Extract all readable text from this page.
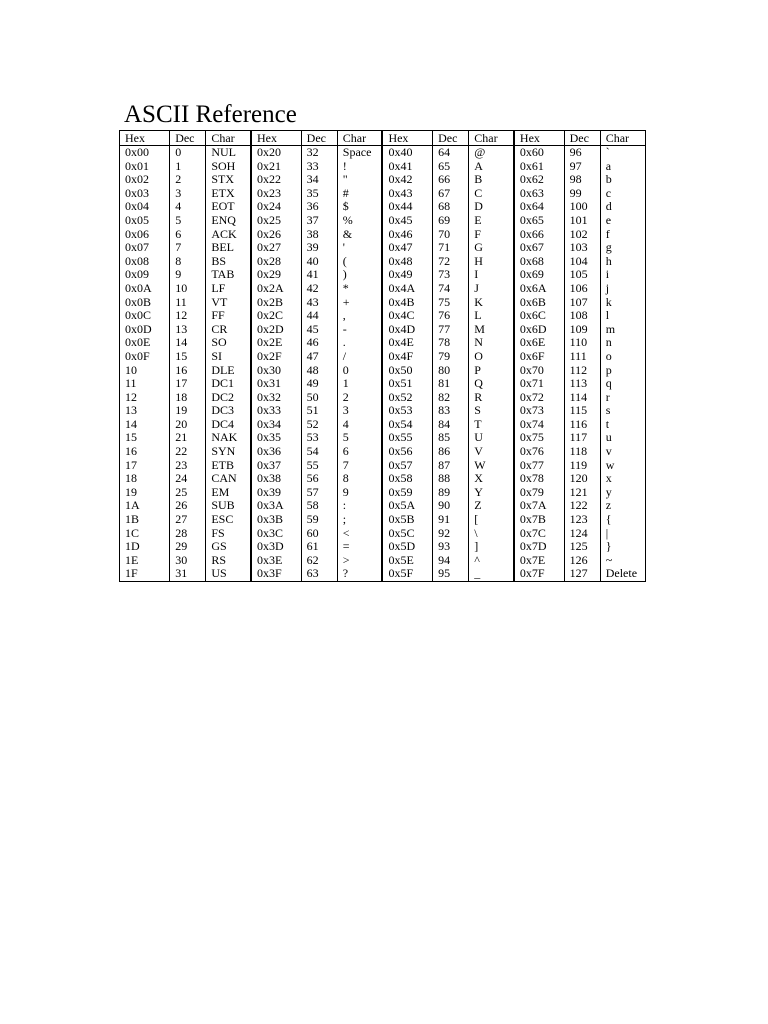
ASCII Reference
Hex	Dec	Char	Hex	Dec	Char	Hex	Dec	Char	Hex	Dec	Char
0x00	0	NUL	0x20	32	Space	0x40	64	@	0x60	96	`
0x01	1	SOH	0x21	33	!	0x41	65	A	0x61	97	a
0x02	2	STX	0x22	34	"	0x42	66	B	0x62	98	b
0x03	3	ETX	0x23	35	#	0x43	67	C	0x63	99	c
0x04	4	EOT	0x24	36	$	0x44	68	D	0x64	100	d
0x05	5	ENQ	0x25	37	%	0x45	69	E	0x65	101	e
0x06	6	ACK	0x26	38	&	0x46	70	F	0x66	102	f
0x07	7	BEL	0x27	39	'	0x47	71	G	0x67	103	g
0x08	8	BS	0x28	40	(	0x48	72	H	0x68	104	h
0x09	9	TAB	0x29	41	)	0x49	73	I	0x69	105	i
0x0A	10	LF	0x2A	42	*	0x4A	74	J	0x6A	106	j
0x0B	11	VT	0x2B	43	+	0x4B	75	K	0x6B	107	k
0x0C	12	FF	0x2C	44	,	0x4C	76	L	0x6C	108	l
0x0D	13	CR	0x2D	45	-	0x4D	77	M	0x6D	109	m
0x0E	14	SO	0x2E	46	.	0x4E	78	N	0x6E	110	n
0x0F	15	SI	0x2F	47	/	0x4F	79	O	0x6F	111	o
10	16	DLE	0x30	48	0	0x50	80	P	0x70	112	p
11	17	DC1	0x31	49	1	0x51	81	Q	0x71	113	q
12	18	DC2	0x32	50	2	0x52	82	R	0x72	114	r
13	19	DC3	0x33	51	3	0x53	83	S	0x73	115	s
14	20	DC4	0x34	52	4	0x54	84	T	0x74	116	t
15	21	NAK	0x35	53	5	0x55	85	U	0x75	117	u
16	22	SYN	0x36	54	6	0x56	86	V	0x76	118	v
17	23	ETB	0x37	55	7	0x57	87	W	0x77	119	w
18	24	CAN	0x38	56	8	0x58	88	X	0x78	120	x
19	25	EM	0x39	57	9	0x59	89	Y	0x79	121	y
1A	26	SUB	0x3A	58	:	0x5A	90	Z	0x7A	122	z
1B	27	ESC	0x3B	59	;	0x5B	91	[	0x7B	123	{
1C	28	FS	0x3C	60	<	0x5C	92	\	0x7C	124	|
1D	29	GS	0x3D	61	=	0x5D	93	]	0x7D	125	}
1E	30	RS	0x3E	62	>	0x5E	94	^	0x7E	126	~
1F	31	US	0x3F	63	?	0x5F	95	_	0x7F	127	Delete
